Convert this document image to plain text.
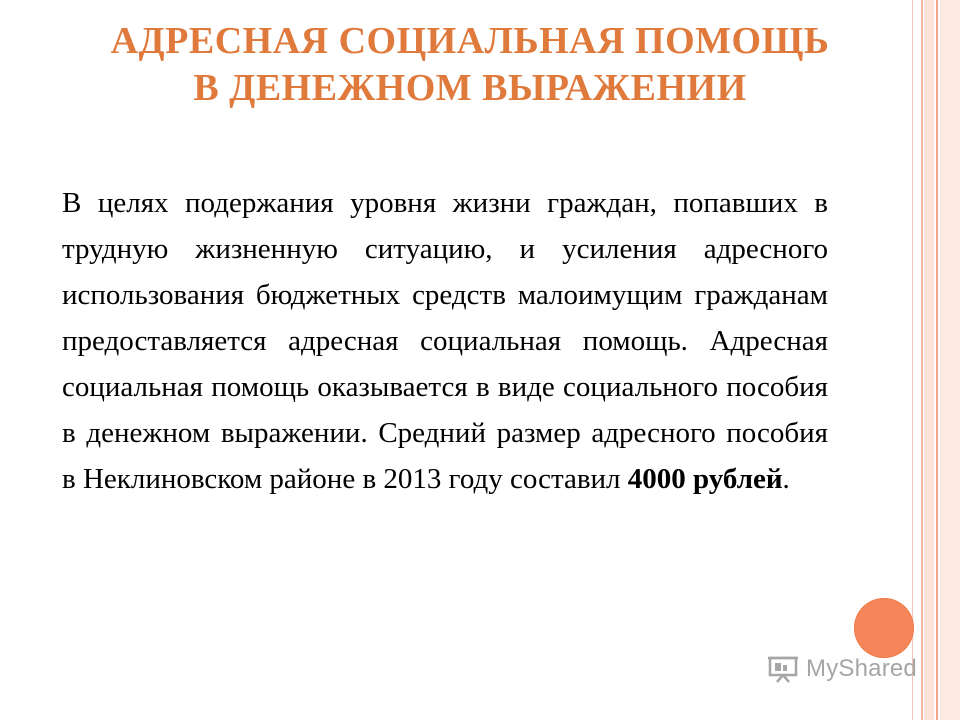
АДРЕСНАЯ СОЦИАЛЬНАЯ ПОМОЩЬ В ДЕНЕЖНОМ ВЫРАЖЕНИИ
В целях подержания уровня жизни граждан, попавших в трудную жизненную ситуацию, и усиления адресного использования бюджетных средств малоимущим гражданам предоставляется адресная социальная помощь. Адресная социальная помощь оказывается в виде социального пособия в денежном выражении. Средний размер адресного пособия в Неклиновском районе в 2013 году составил 4000 рублей.
MyShared
